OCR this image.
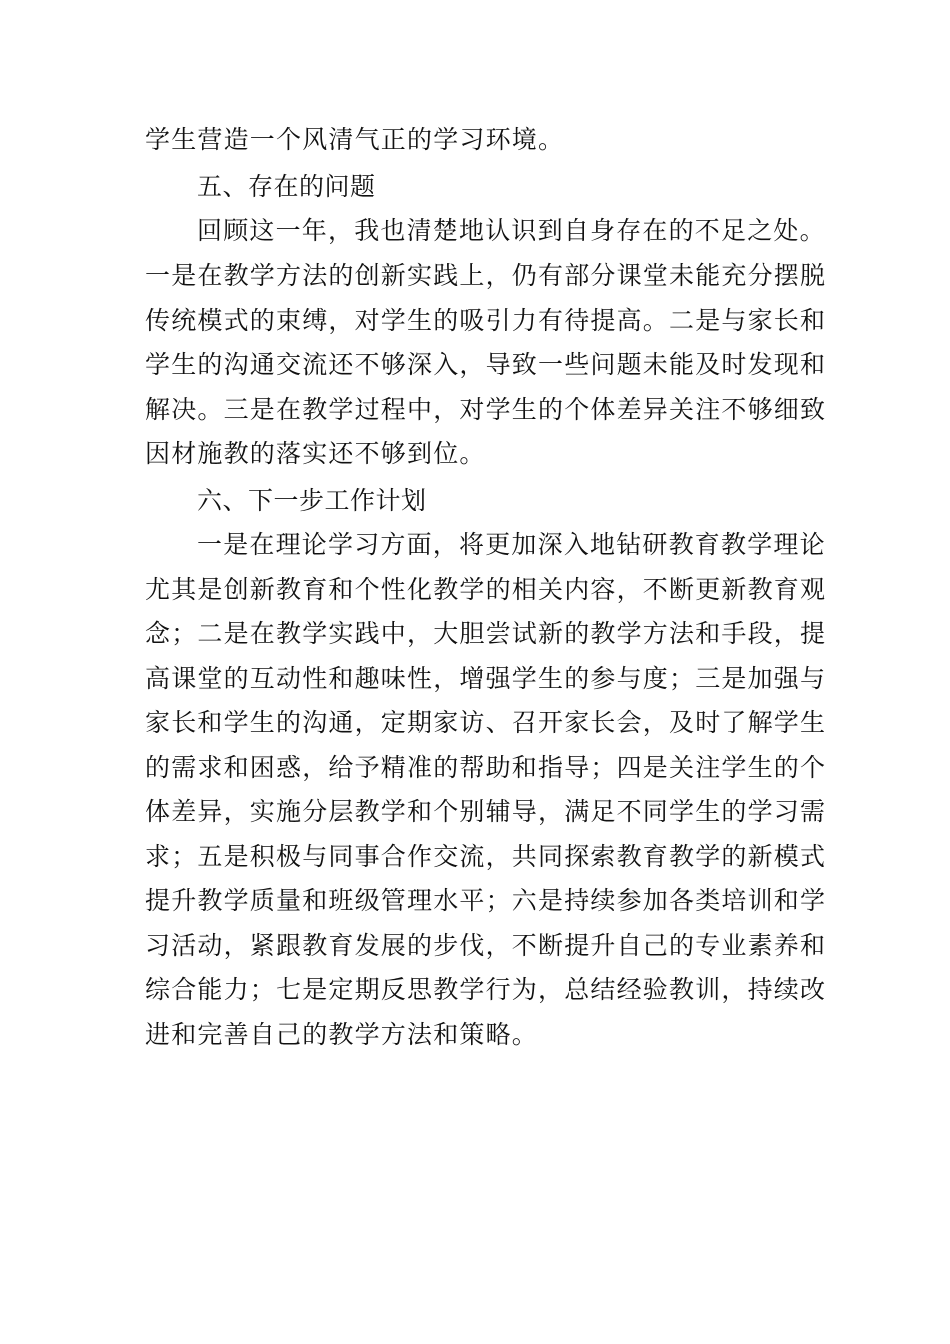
学生营造一个风清气正的学习环境。
五、存在的问题
回顾这一年，我也清楚地认识到自身存在的不足之处。
一是在教学方法的创新实践上，仍有部分课堂未能充分摆脱
传统模式的束缚，对学生的吸引力有待提高。二是与家长和
学生的沟通交流还不够深入，导致一些问题未能及时发现和
解决。三是在教学过程中，对学生的个体差异关注不够细致
因材施教的落实还不够到位。
六、下一步工作计划
一是在理论学习方面，将更加深入地钻研教育教学理论
尤其是创新教育和个性化教学的相关内容，不断更新教育观
念；二是在教学实践中，大胆尝试新的教学方法和手段，提
高课堂的互动性和趣味性，增强学生的参与度；三是加强与
家长和学生的沟通，定期家访、召开家长会，及时了解学生
的需求和困惑，给予精准的帮助和指导；四是关注学生的个
体差异，实施分层教学和个别辅导，满足不同学生的学习需
求；五是积极与同事合作交流，共同探索教育教学的新模式
提升教学质量和班级管理水平；六是持续参加各类培训和学
习活动，紧跟教育发展的步伐，不断提升自己的专业素养和
综合能力；七是定期反思教学行为，总结经验教训，持续改
进和完善自己的教学方法和策略。
